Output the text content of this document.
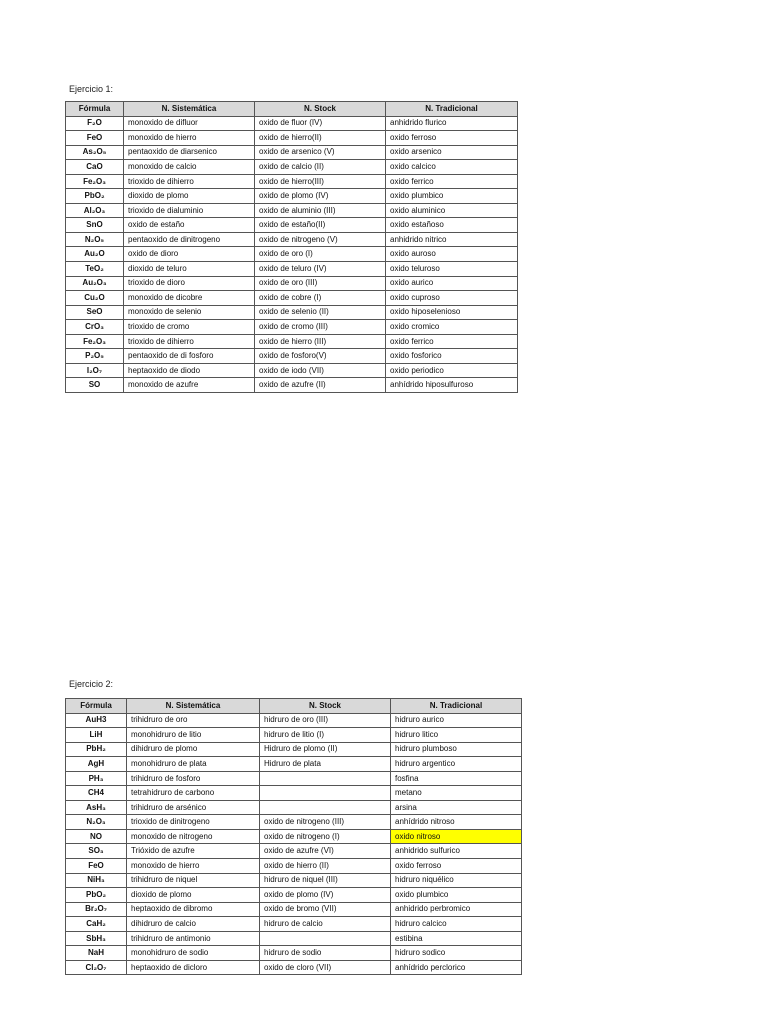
Ejercicio 1:
Fórmula	N. Sistemática	N. Stock	N. Tradicional
F₂O	monoxido de difluor	oxido de fluor (IV)	anhidrido flurico
FeO	monoxido de hierro	oxido de hierro(II)	oxido ferroso
As₂O₅	pentaoxido de diarsenico	oxido de arsenico (V)	oxido arsenico
CaO	monoxido de calcio	oxido de calcio (II)	oxido calcico
Fe₂O₃	trioxido de dihierro	oxido de hierro(III)	oxido ferrico
PbO₂	dioxido de plomo	oxido de plomo (IV)	oxido plumbico
Al₂O₃	trioxido de dialuminio	oxido de aluminio (III)	oxido aluminico
SnO	oxido de estaño	oxido de estaño(II)	oxido estañoso
N₂O₅	pentaoxido de dinitrogeno	oxido de nitrogeno (V)	anhidrido nitrico
Au₂O	oxido de dioro	oxido de oro (I)	oxido auroso
TeO₂	dioxido de teluro	oxido de teluro (IV)	oxido teluroso
Au₂O₃	trioxido de dioro	oxido de oro (III)	oxido aurico
Cu₂O	monoxido de dicobre	oxido de cobre (I)	oxido cuproso
SeO	monoxido de selenio	oxido de selenio (II)	oxido hiposelenioso
CrO₃	trioxido de cromo	oxido de cromo (III)	oxido cromico
Fe₂O₃	trioxido de dihierro	oxido de hierro (III)	oxido ferrico
P₂O₅	pentaoxido de di fosforo	oxido de fosforo(V)	oxido fosforico
I₂O₇	heptaoxido de diodo	oxido de iodo (VII)	oxido periodico
SO	monoxido de azufre	oxido de azufre (II)	anhídrido hiposulfuroso
Ejercicio 2:
Fórmula	N. Sistemática	N. Stock	N. Tradicional
AuH3	trihidruro de oro	hidruro de oro (III)	hidruro aurico
LiH	monohidruro de litio	hidruro de litio (I)	hidruro litico
PbH₂	dihidruro de plomo	Hidruro de plomo (II)	hidruro plumboso
AgH	monohidruro de plata	Hidruro de plata	hidruro argentico
PH₃	trihidruro de fosforo		fosfina
CH4	tetrahidruro de carbono		metano
AsH₃	trihidruro de arsénico		arsina
N₂O₃	trioxido de dinitrogeno	oxido de nitrogeno (III)	anhídrido nitroso
NO	monoxido de nitrogeno	oxido de nitrogeno (I)	oxido nitroso
SO₃	Trióxido de azufre	oxido de azufre (VI)	anhidrido sulfurico
FeO	monoxido de hierro	oxido de hierro (II)	oxido ferroso
NiH₃	trihidruro de niquel	hidruro de niquel (III)	hidruro niquélico
PbO₂	dioxido de plomo	oxido de plomo (IV)	oxido plumbico
Br₂O₇	heptaoxido de dibromo	oxido de bromo (VII)	anhidrido perbromico
CaH₂	dihidruro de calcio	hidruro de calcio	hidruro calcico
SbH₃	trihidruro de antimonio		estibina
NaH	monohidruro de sodio	hidruro de sodio	hidruro sodico
Cl₂O₇	heptaoxido de dicloro	oxido de cloro (VII)	anhídrido perclorico
